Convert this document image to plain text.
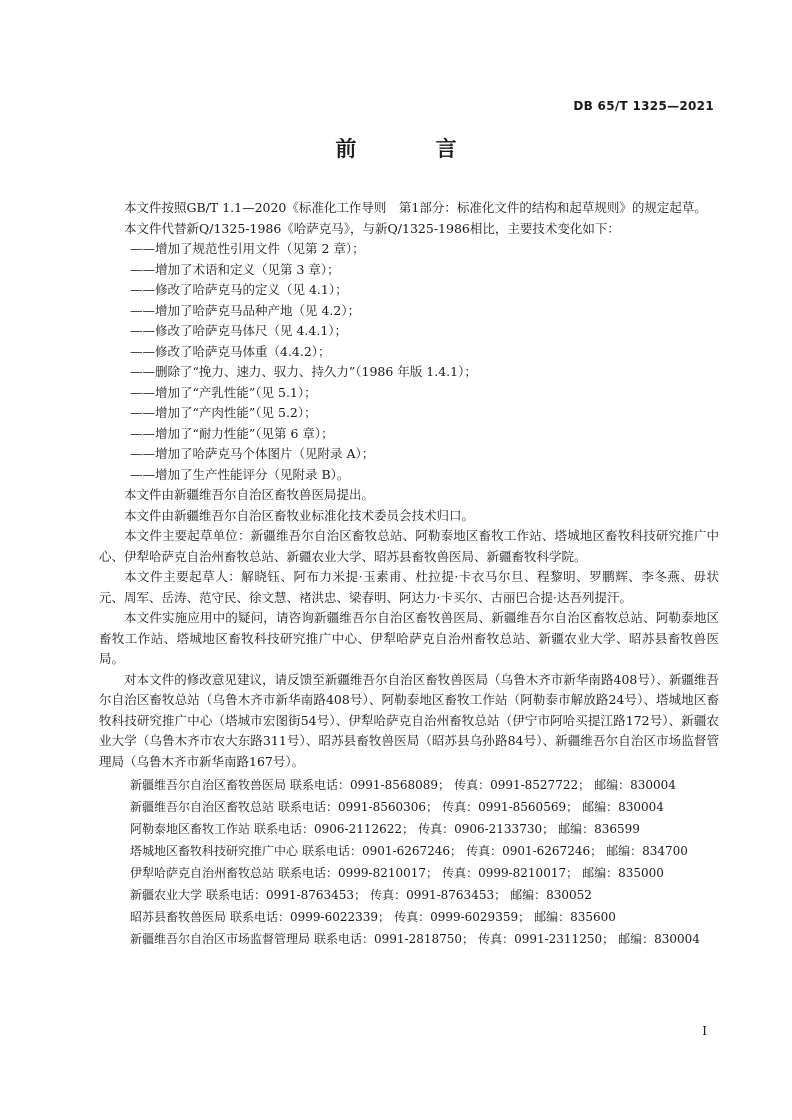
DB 65/T 1325—2021
前 言

本文件按照GB/T 1.1—2020《标准化工作导则　第1部分：标准化文件的结构和起草规则》的规定起草。

本文件代替新Q/1325-1986《哈萨克马》，与新Q/1325-1986相比，主要技术变化如下：

——增加了规范性引用文件（见第 2 章）；

——增加了术语和定义（见第 3 章）；

——修改了哈萨克马的定义（见 4.1）；

——增加了哈萨克马品种产地（见 4.2）；

——修改了哈萨克马体尺（见 4.4.1）；

——修改了哈萨克马体重（4.4.2）；

——删除了“挽力、速力、驭力、持久力”（1986 年版 1.4.1）；

——增加了“产乳性能”（见 5.1）；

——增加了“产肉性能”（见 5.2）；

——增加了“耐力性能”（见第 6 章）；

——增加了哈萨克马个体图片（见附录 A）；

——增加了生产性能评分（见附录 B）。

本文件由新疆维吾尔自治区畜牧兽医局提出。

本文件由新疆维吾尔自治区畜牧业标准化技术委员会技术归口。

本文件主要起草单位：新疆维吾尔自治区畜牧总站、阿勒泰地区畜牧工作站、塔城地区畜牧科技研究推广中心、伊犁哈萨克自治州畜牧总站、新疆农业大学、昭苏县畜牧兽医局、新疆畜牧科学院。

本文件主要起草人：解晓钰、阿布力米提·玉素甫、杜拉提·卡衣马尔旦、程黎明、罗鹏辉、李冬燕、毋状元、周军、岳涛、范守民、徐文慧、褚洪忠、梁春明、阿达力·卡买尔、古丽巴合提·达吾列提汗。

本文件实施应用中的疑问，请咨询新疆维吾尔自治区畜牧兽医局、新疆维吾尔自治区畜牧总站、阿勒泰地区畜牧工作站、塔城地区畜牧科技研究推广中心、伊犁哈萨克自治州畜牧总站、新疆农业大学、昭苏县畜牧兽医局。

对本文件的修改意见建议，请反馈至新疆维吾尔自治区畜牧兽医局（乌鲁木齐市新华南路408号）、新疆维吾尔自治区畜牧总站（乌鲁木齐市新华南路408号）、阿勒泰地区畜牧工作站（阿勒泰市解放路24号）、塔城地区畜牧科技研究推广中心（塔城市宏图街54号）、伊犁哈萨克自治州畜牧总站（伊宁市阿哈买提江路172号）、新疆农业大学（乌鲁木齐市农大东路311号）、昭苏县畜牧兽医局（昭苏县乌孙路84号）、新疆维吾尔自治区市场监督管理局（乌鲁木齐市新华南路167号）。

新疆维吾尔自治区畜牧兽医局 联系电话：0991-8568089； 传真：0991-8527722； 邮编：830004

新疆维吾尔自治区畜牧总站 联系电话：0991-8560306； 传真：0991-8560569； 邮编：830004

阿勒泰地区畜牧工作站 联系电话：0906-2112622； 传真：0906-2133730； 邮编：836599

塔城地区畜牧科技研究推广中心 联系电话：0901-6267246； 传真：0901-6267246； 邮编：834700

伊犁哈萨克自治州畜牧总站 联系电话：0999-8210017； 传真：0999-8210017； 邮编：835000

新疆农业大学 联系电话：0991-8763453； 传真：0991-8763453； 邮编：830052

昭苏县畜牧兽医局 联系电话：0999-6022339； 传真：0999-6029359； 邮编：835600

新疆维吾尔自治区市场监督管理局 联系电话：0991-2818750； 传真：0991-2311250； 邮编：830004

I
